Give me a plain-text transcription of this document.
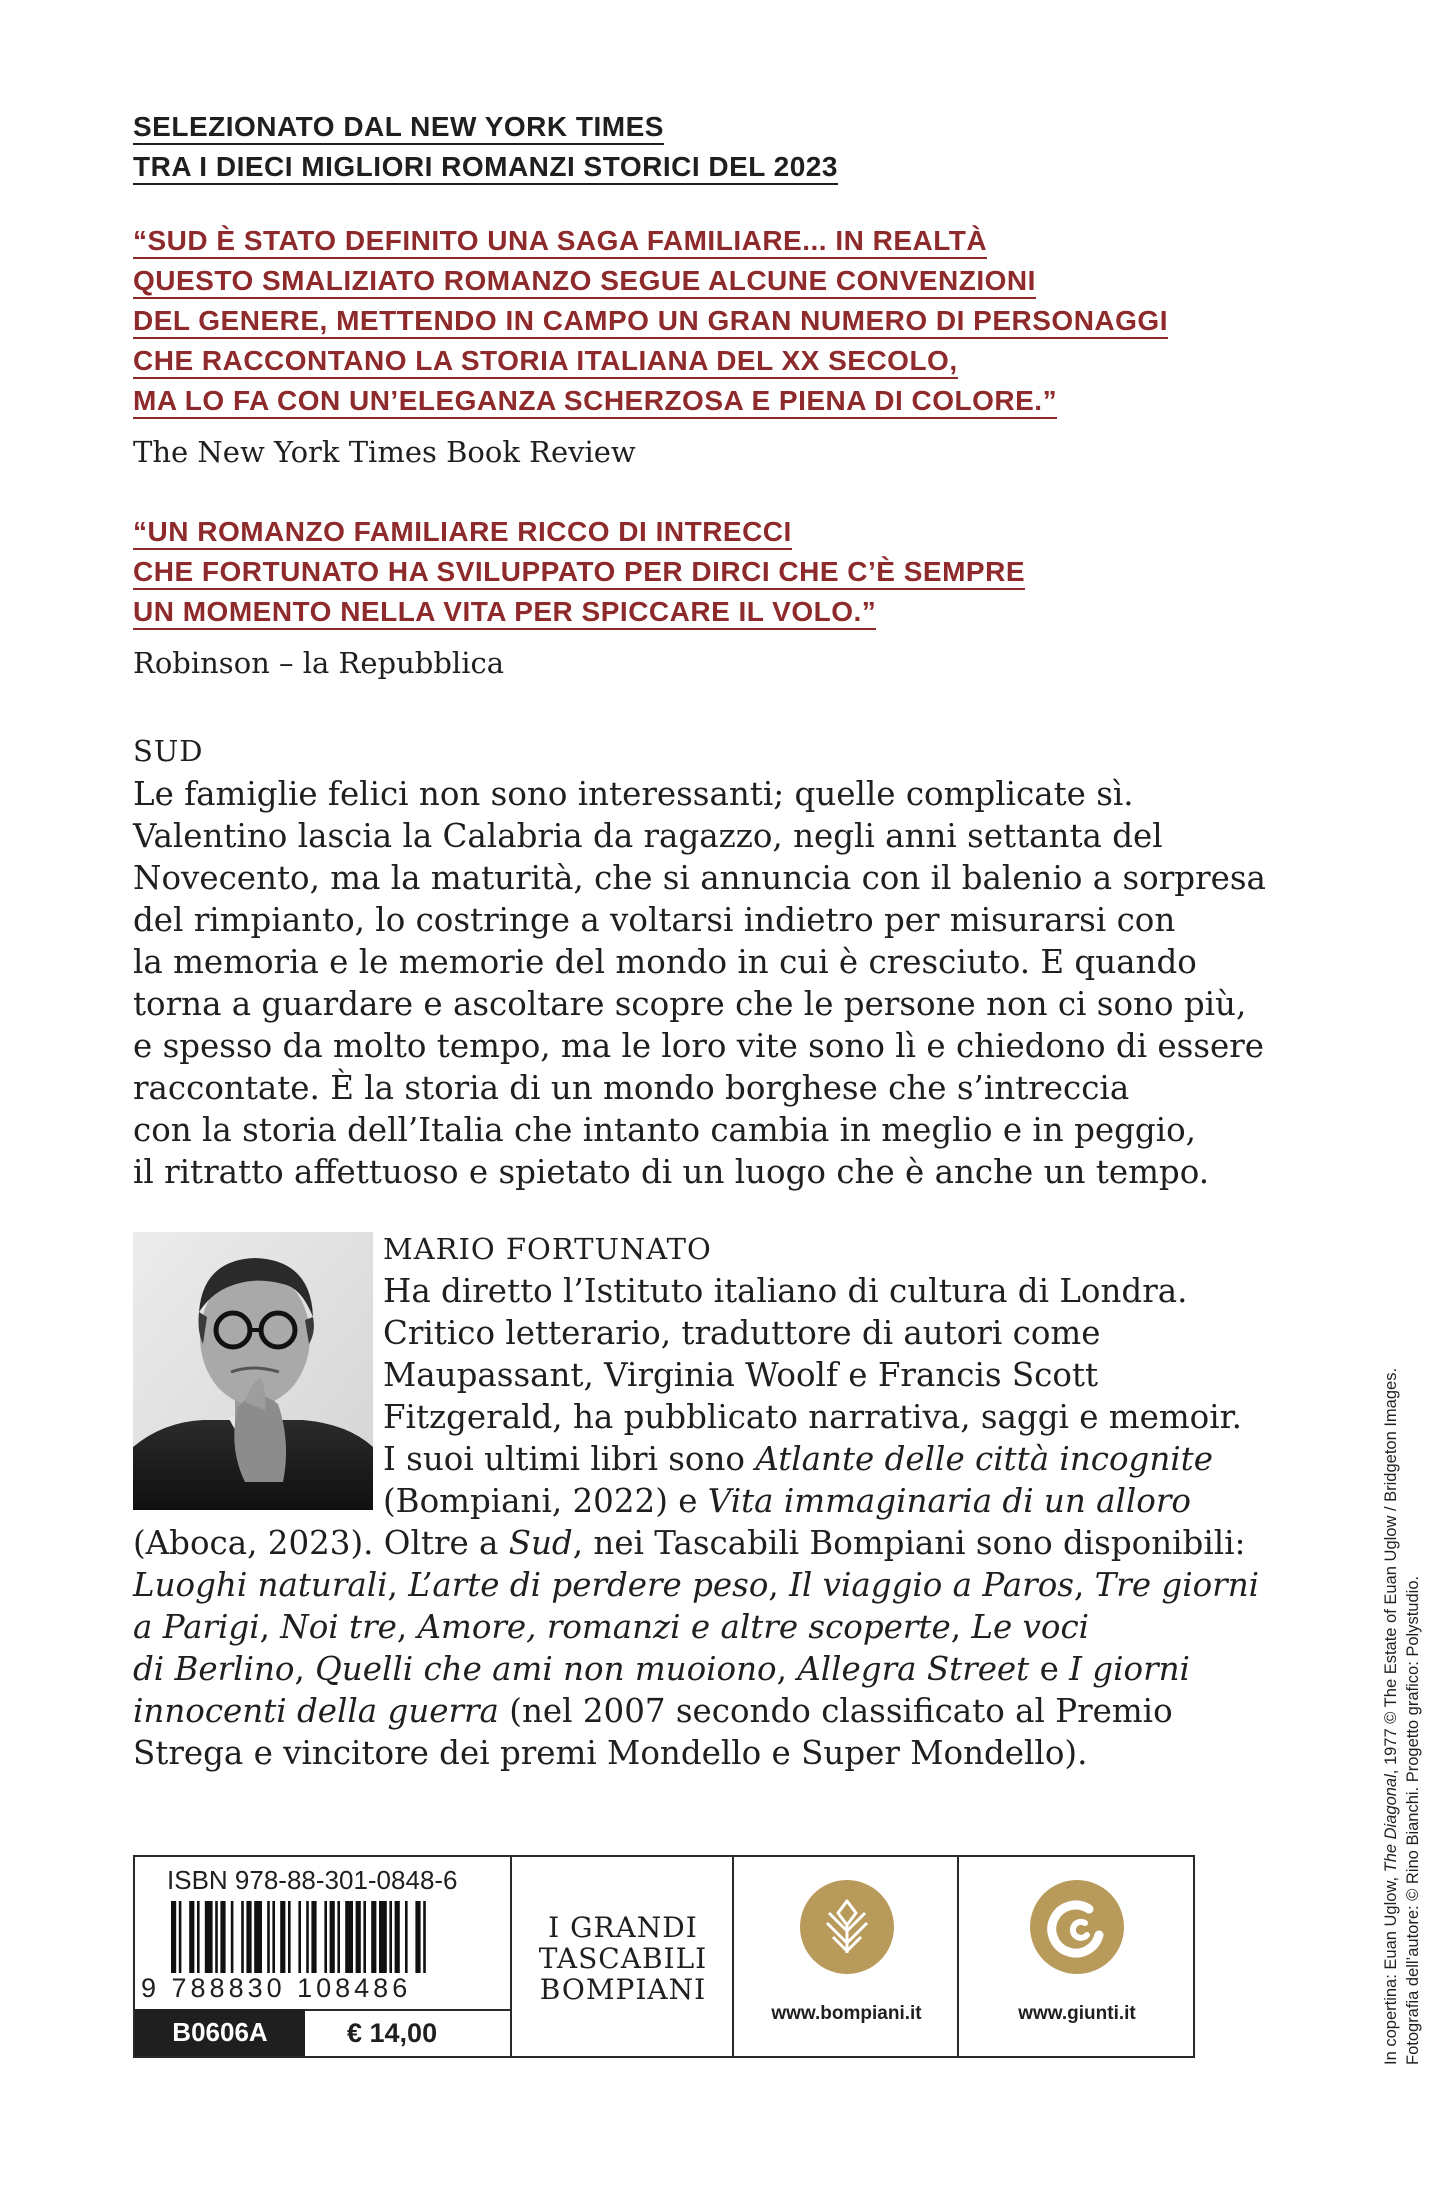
SELEZIONATO DAL NEW YORK TIMES
TRA I DIECI MIGLIORI ROMANZI STORICI DEL 2023
“SUD È STATO DEFINITO UNA SAGA FAMILIARE... IN REALTÀ
QUESTO SMALIZIATO ROMANZO SEGUE ALCUNE CONVENZIONI
DEL GENERE, METTENDO IN CAMPO UN GRAN NUMERO DI PERSONAGGI
CHE RACCONTANO LA STORIA ITALIANA DEL XX SECOLO,
MA LO FA CON UN’ELEGANZA SCHERZOSA E PIENA DI COLORE.”
The New York Times Book Review
“UN ROMANZO FAMILIARE RICCO DI INTRECCI
CHE FORTUNATO HA SVILUPPATO PER DIRCI CHE C’È SEMPRE
UN MOMENTO NELLA VITA PER SPICCARE IL VOLO.”
Robinson – la Repubblica
SUD
Le famiglie felici non sono interessanti; quelle complicate sì.
Valentino lascia la Calabria da ragazzo, negli anni settanta del
Novecento, ma la maturità, che si annuncia con il balenio a sorpresa
del rimpianto, lo costringe a voltarsi indietro per misurarsi con
la memoria e le memorie del mondo in cui è cresciuto. E quando
torna a guardare e ascoltare scopre che le persone non ci sono più,
e spesso da molto tempo, ma le loro vite sono lì e chiedono di essere
raccontate. È la storia di un mondo borghese che s’intreccia
con la storia dell’Italia che intanto cambia in meglio e in peggio,
il ritratto affettuoso e spietato di un luogo che è anche un tempo.
MARIO FORTUNATO
Ha diretto l’Istituto italiano di cultura di Londra.
Critico letterario, traduttore di autori come
Maupassant, Virginia Woolf e Francis Scott
Fitzgerald, ha pubblicato narrativa, saggi e memoir.
I suoi ultimi libri sono Atlante delle città incognite
(Bompiani, 2022) e Vita immaginaria di un alloro
(Aboca, 2023). Oltre a Sud, nei Tascabili Bompiani sono disponibili:
Luoghi naturali, L’arte di perdere peso, Il viaggio a Paros, Tre giorni
a Parigi, Noi tre, Amore, romanzi e altre scoperte, Le voci
di Berlino, Quelli che ami non muoiono, Allegra Street e I giorni
innocenti della guerra (nel 2007 secondo classificato al Premio
Strega e vincitore dei premi Mondello e Super Mondello).
ISBN 978-88-301-0848-6
9 788830 108486
B0606A	€ 14,00
I GRANDI
TASCABILI
BOMPIANI
www.bompiani.it	www.giunti.it	In copertina: Euan Uglow, The Diagonal, 1977 © The Estate of Euan Uglow / Bridgeton Images.
Fotografia dell’autore: © Rino Bianchi. Progetto grafico: Polystudio.
